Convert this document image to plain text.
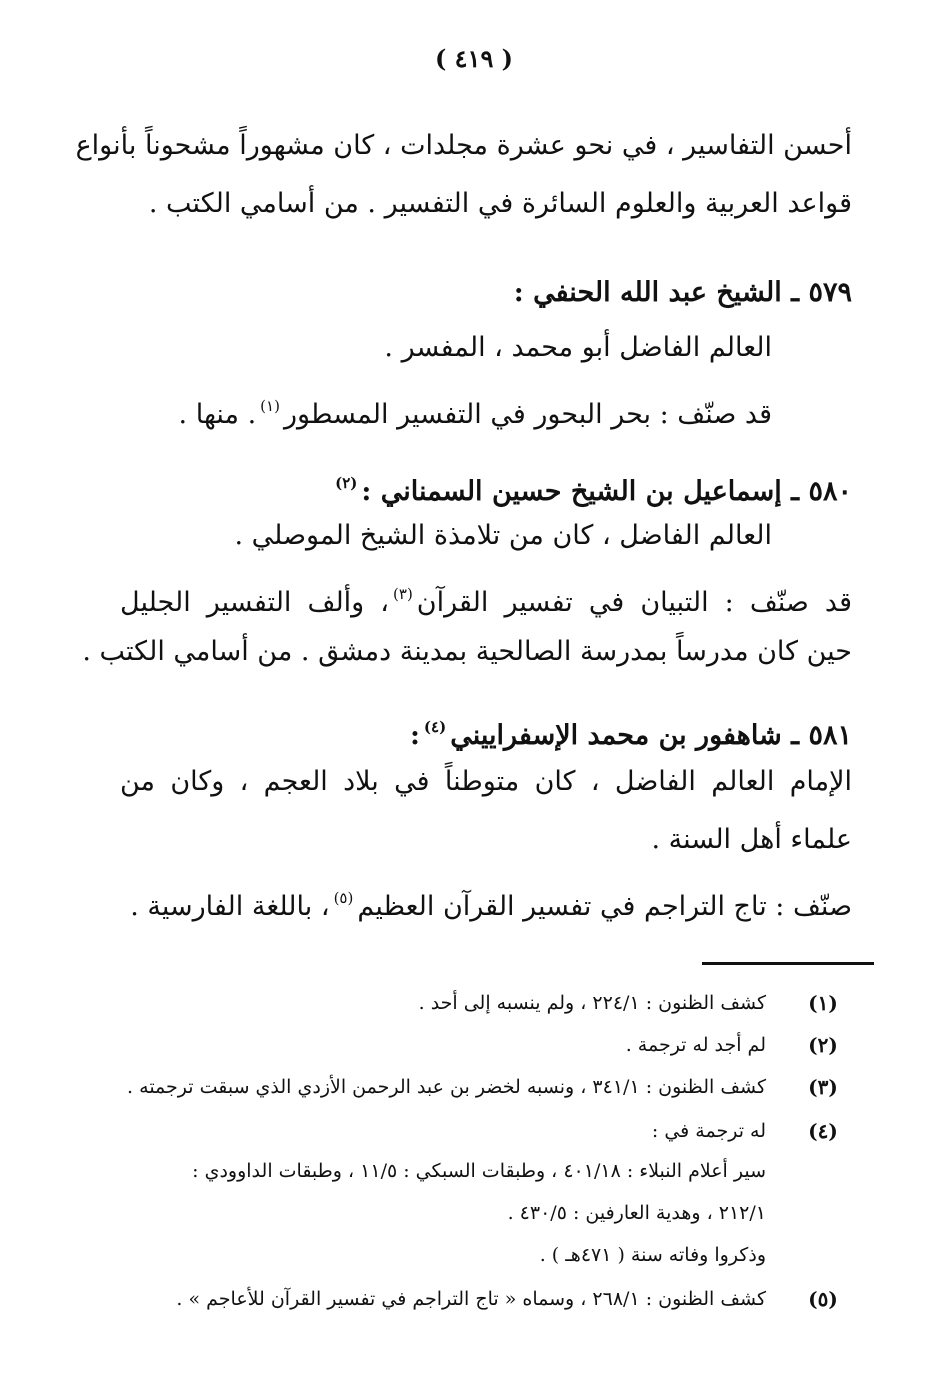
( ٤١٩ )
أحسن التفاسير ، في نحو عشرة مجلدات ، كان مشهوراً مشحوناً بأنواع
قواعد العربية والعلوم السائرة في التفسير . من أسامي الكتب .
٥٧٩ ـ الشيخ عبد الله الحنفي :
العالم الفاضل أبو محمد ، المفسر .
قد صنّف : بحر البحور في التفسير المسطور$^{(١)}$. منها .
٥٨٠ ـ إسماعيل بن الشيخ حسين السمناني :$^{(٢)}$
العالم الفاضل ، كان من تلامذة الشيخ الموصلي .
قد صنّف : التبيان في تفسير القرآن$^{(٣)}$، وألف التفسير الجليل
حين كان مدرساً بمدرسة الصالحية بمدينة دمشق . من أسامي الكتب .
٥٨١ ـ شاهفور بن محمد الإسفراييني$^{(٤)}$:
الإمام العالم الفاضل ، كان متوطناً في بلاد العجم ، وكان من
علماء أهل السنة .
صنّف : تاج التراجم في تفسير القرآن العظيم$^{(٥)}$، باللغة الفارسية .
(١)
كشف الظنون : ٢٢٤/١ ، ولم ينسبه إلى أحد .
(٢)
لم أجد له ترجمة .
(٣)
كشف الظنون : ٣٤١/١ ، ونسبه لخضر بن عبد الرحمن الأزدي الذي سبقت ترجمته .
(٤)
له ترجمة في :
سير أعلام النبلاء : ٤٠١/١٨ ، وطبقات السبكي : ١١/٥ ، وطبقات الداوودي :
٢١٢/١ ، وهدية العارفين : ٤٣٠/٥ .
وذكروا وفاته سنة ( ٤٧١هـ ) .
(٥)
كشف الظنون : ٢٦٨/١ ، وسماه « تاج التراجم في تفسير القرآن للأعاجم » .
